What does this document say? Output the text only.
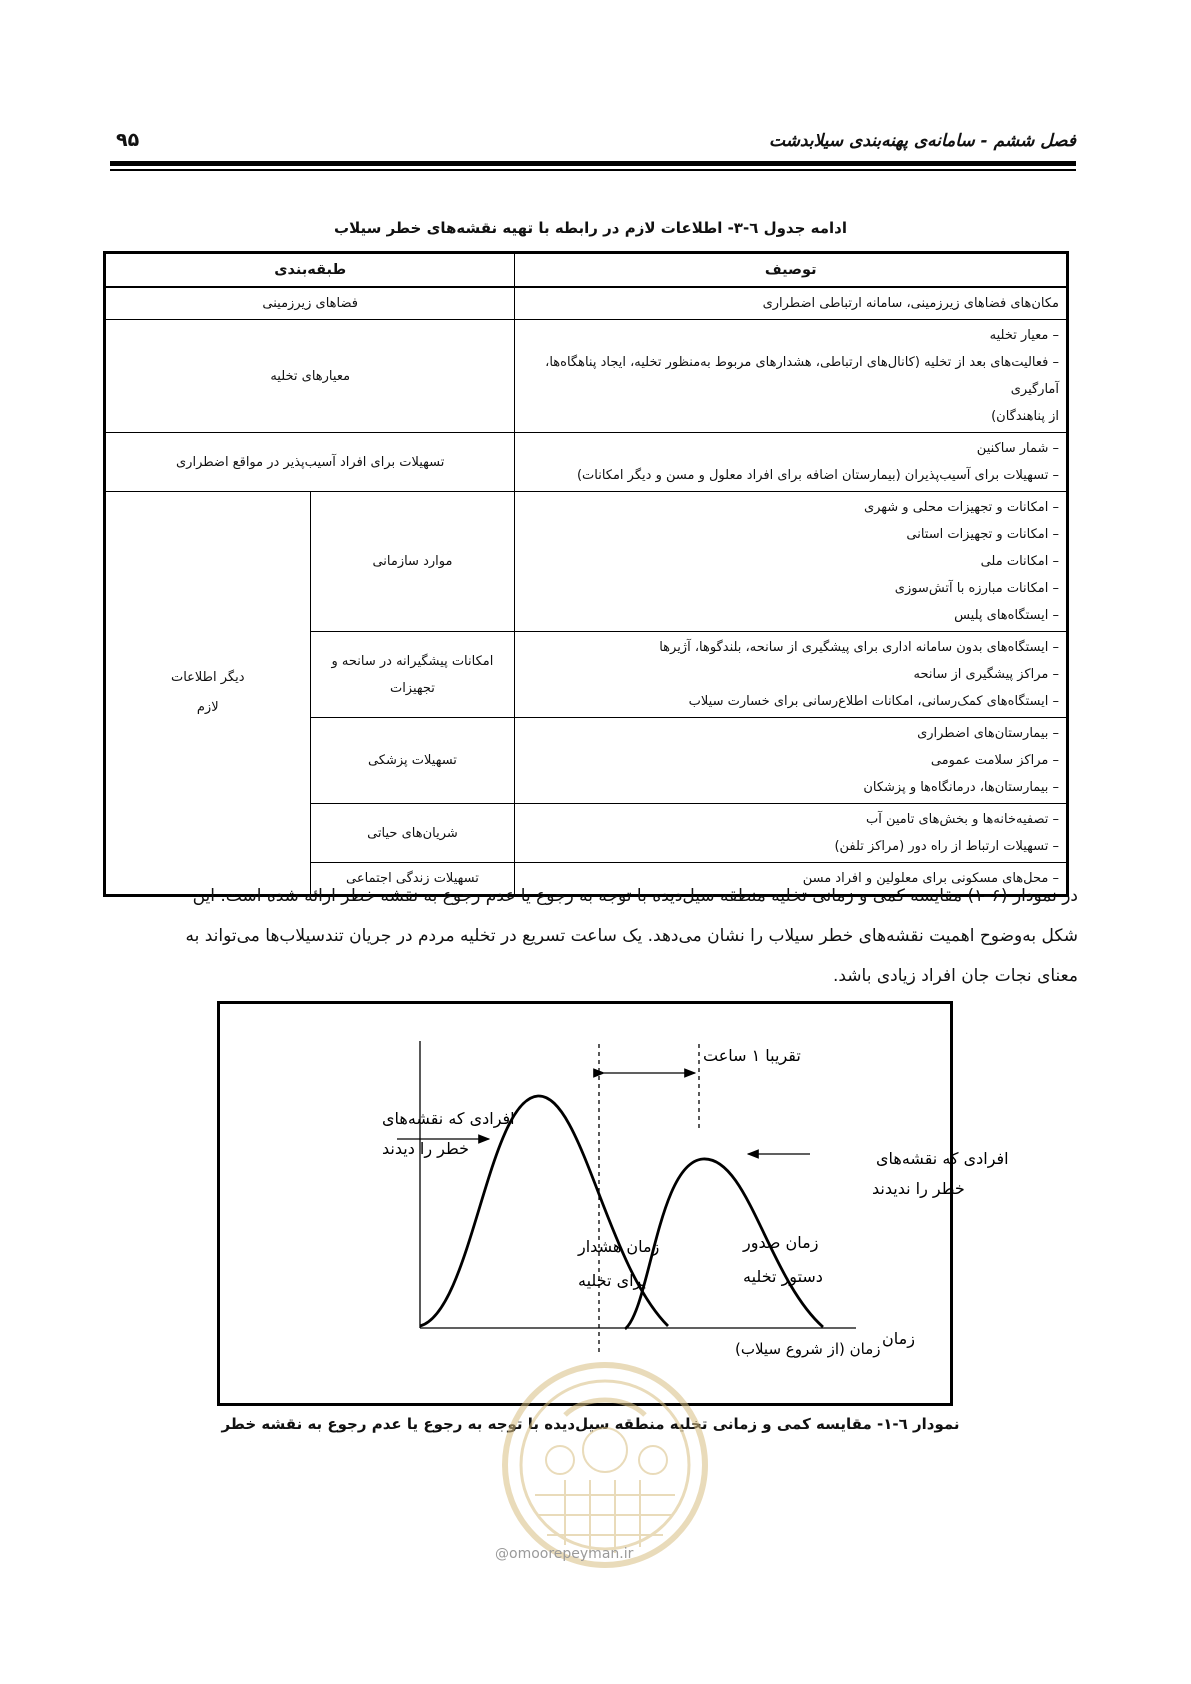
فصل ششم - سامانه‌ی پهنه‌بندی سیلابدشت
۹۵
ادامه جدول ٦-٣- اطلاعات لازم در رابطه با تهیه نقشه‌های خطر سیلاب
توصیف	طبقه‌بندی	

مکان‌های فضاهای زیرزمینی، سامانه ارتباطی اضطراری	فضاهای زیرزمینی	

– معیار تخلیه
– فعالیت‌های بعد از تخلیه (کانال‌های ارتباطی، هشدارهای مربوط به‌منظور تخلیه، ایجاد پناهگاه‌ها، آمارگیری
از پناهندگان)	معیارهای تخلیه	

– شمار ساکنین
– تسهیلات برای آسیب‌پذیران (بیمارستان اضافه برای افراد معلول و مسن و دیگر امکانات)	تسهیلات برای افراد آسیب‌پذیر در مواقع اضطراری	

– امکانات و تجهیزات محلی و شهری
– امکانات و تجهیزات استانی
– امکانات ملی
– امکانات مبارزه با آتش‌سوزی
– ایستگاه‌های پلیس	موارد سازمانی	دیگر اطلاعات لازم

– ایستگاه‌های بدون سامانه اداری برای پیشگیری از سانحه، بلندگوها، آژیرها
– مراکز پیشگیری از سانحه
– ایستگاه‌های کمک‌رسانی، امکانات اطلاع‌رسانی برای خسارت سیلاب	امکانات پیشگیرانه در سانحه و تجهیزات	

– بیمارستان‌های اضطراری
– مراکز سلامت عمومی
– بیمارستان‌ها، درمانگاه‌ها و پزشکان	تسهیلات پزشکی	

– تصفیه‌خانه‌ها و بخش‌های تامین آب
– تسهیلات ارتباط از راه دور (مراکز تلفن)	شریان‌های حیاتی	

– محل‌های مسکونی برای معلولین و افراد مسن	تسهیلات زندگی اجتماعی	
در نمودار (۶–۱) مقایسه کمی و زمانی تخلیه منطقه سیل‌دیده با توجه به رجوع یا عدم رجوع به نقشه خطر ارائه شده است. این
شکل به‌وضوح اهمیت نقشه‌های خطر سیلاب را نشان می‌دهد. یک ساعت تسریع در تخلیه مردم در جریان تندسیلاب‌ها می‌تواند به
معنای نجات جان افراد زیادی باشد.
تقریبا ۱ ساعت
افرادی که نقشه‌های
خطر را دیدند
افرادی که نقشه‌های
خطر را ندیدند
زمان هشدار
برای تخلیه
زمان صدور
دستور تخلیه
زمان
زمان (از شروع سیلاب)
نمودار ٦-١- مقایسه کمی و زمانی تخلیه منطقه سیل‌دیده با توجه به رجوع یا عدم رجوع به نقشه خطر
@omoorepeyman.ir
